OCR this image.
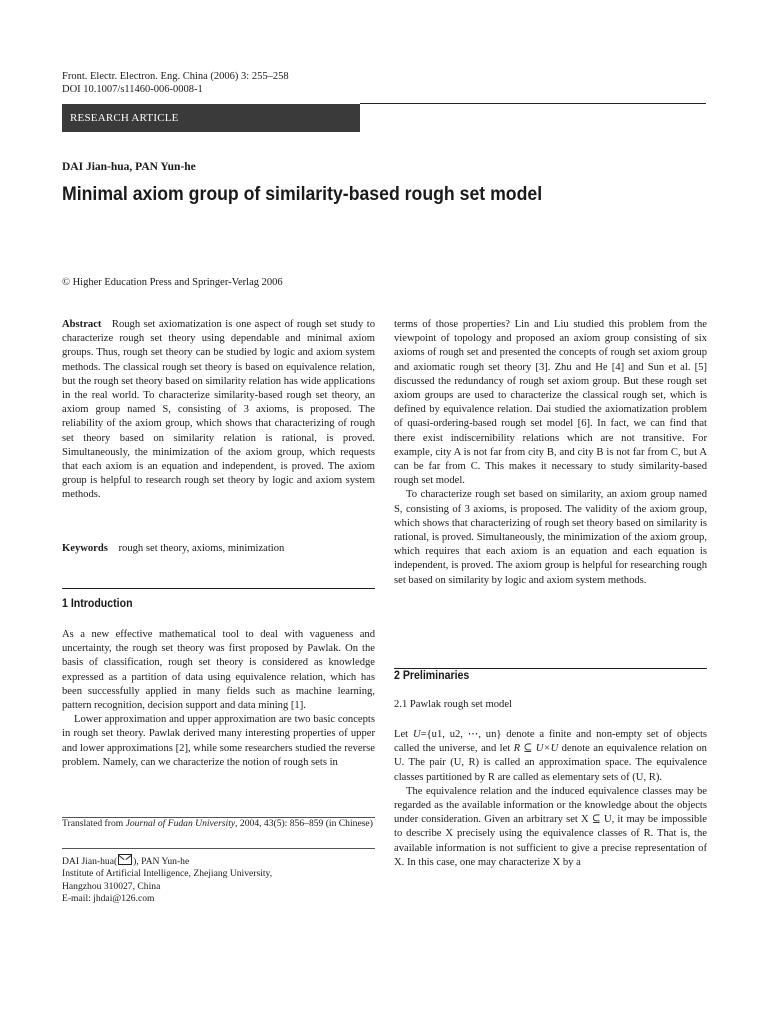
Front. Electr. Electron. Eng. China (2006) 3: 255–258
DOI 10.1007/s11460-006-0008-1
RESEARCH ARTICLE
DAI Jian-hua, PAN Yun-he
Minimal axiom group of similarity-based rough set model
© Higher Education Press and Springer-Verlag 2006

Abstract Rough set axiomatization is one aspect of rough set study to characterize rough set theory using dependable and minimal axiom groups. Thus, rough set theory can be studied by logic and axiom system methods. The classical rough set theory is based on equivalence relation, but the rough set theory based on similarity relation has wide applications in the real world. To characterize similarity-based rough set theory, an axiom group named S, consisting of 3 axioms, is proposed. The reliability of the axiom group, which shows that characterizing of rough set theory based on similarity relation is rational, is proved. Simultaneously, the minimization of the axiom group, which requests that each axiom is an equation and independent, is proved. The axiom group is helpful to research rough set theory by logic and axiom system methods.

Keywords rough set theory, axioms, minimization

1 Introduction

As a new effective mathematical tool to deal with vagueness and uncertainty, the rough set theory was first proposed by Pawlak. On the basis of classification, rough set theory is considered as knowledge expressed as a partition of data using equivalence relation, which has been successfully applied in many fields such as machine learning, pattern recognition, decision support and data mining [1].

Lower approximation and upper approximation are two basic concepts in rough set theory. Pawlak derived many interesting properties of upper and lower approximations [2], while some researchers studied the reverse problem. Namely, can we characterize the notion of rough sets in

Translated from Journal of Fudan University, 2004, 43(5): 856–859 (in Chinese)
DAI Jian-hua( ), PAN Yun-he
Institute of Artificial Intelligence, Zhejiang University,
Hangzhou 310027, China
E-mail: jhdai@126.com

terms of those properties? Lin and Liu studied this problem from the viewpoint of topology and proposed an axiom group consisting of six axioms of rough set and presented the concepts of rough set axiom group and axiomatic rough set theory [3]. Zhu and He [4] and Sun et al. [5] discussed the redundancy of rough set axiom group. But these rough set axiom groups are used to characterize the classical rough set, which is defined by equivalence relation. Dai studied the axiomatization problem of quasi-ordering-based rough set model [6]. In fact, we can find that there exist indiscernibility relations which are not transitive. For example, city A is not far from city B, and city B is not far from C, but A can be far from C. This makes it necessary to study similarity-based rough set model.

To characterize rough set based on similarity, an axiom group named S, consisting of 3 axioms, is proposed. The validity of the axiom group, which shows that characterizing of rough set theory based on similarity is rational, is proved. Simultaneously, the minimization of the axiom group, which requires that each axiom is an equation and each equation is independent, is proved. The axiom group is helpful for researching rough set based on similarity by logic and axiom system methods.

2 Preliminaries
2.1 Pawlak rough set model

Let U={u1, u2, ⋯, un} denote a finite and non-empty set of objects called the universe, and let R ⊆ U×U denote an equivalence relation on U. The pair (U, R) is called an approximation space. The equivalence classes partitioned by R are called as elementary sets of (U, R).

The equivalence relation and the induced equivalence classes may be regarded as the available information or the knowledge about the objects under consideration. Given an arbitrary set X ⊆ U, it may be impossible to describe X precisely using the equivalence classes of R. That is, the available information is not sufficient to give a precise representation of X. In this case, one may characterize X by a
